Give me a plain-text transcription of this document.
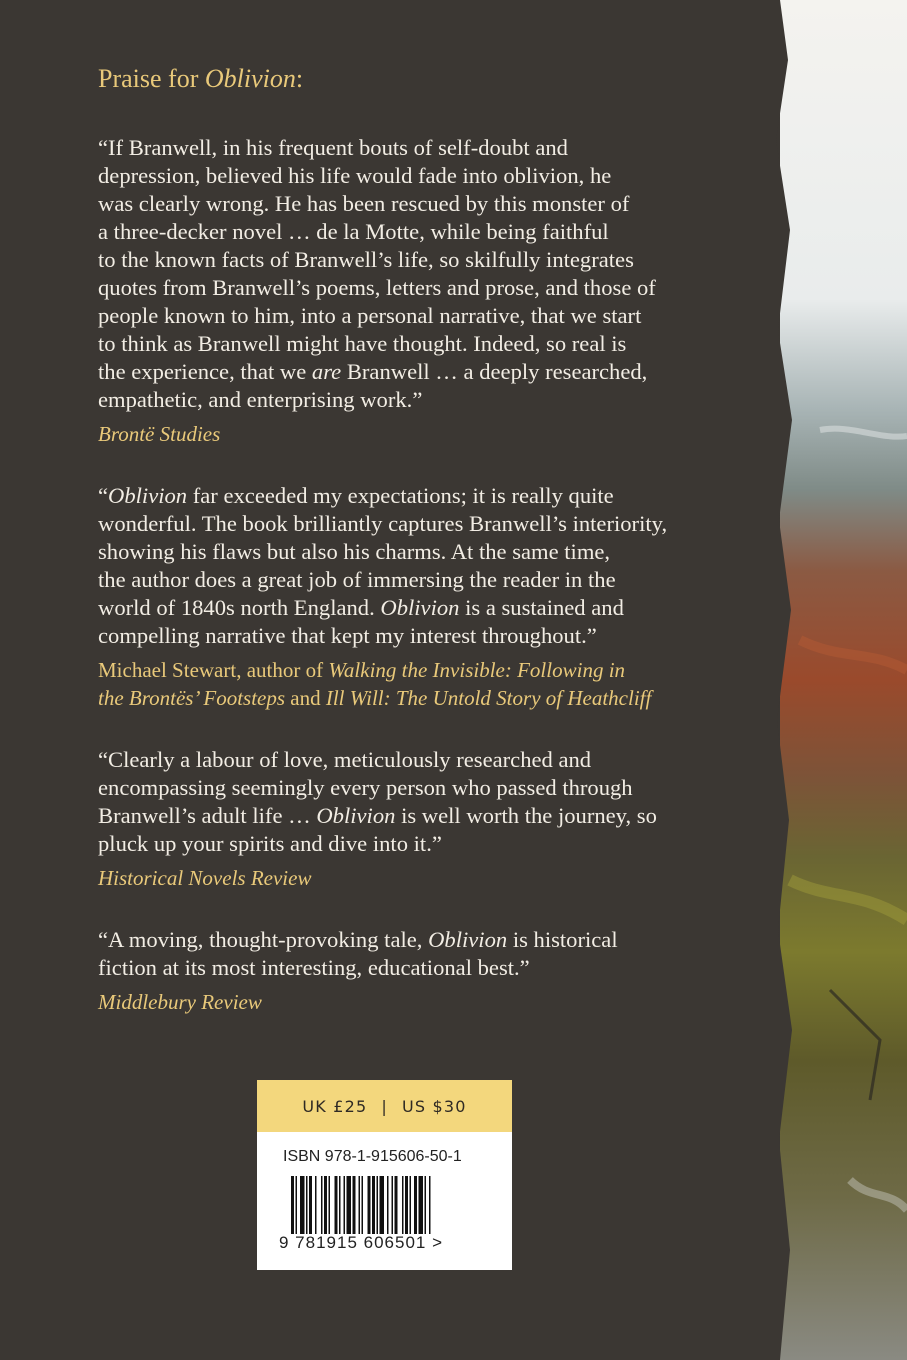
Praise for Oblivion:

“If Branwell, in his frequent bouts of self-doubt and
depression, believed his life would fade into oblivion, he
was clearly wrong. He has been rescued by this monster of
a three-decker novel … de la Motte, while being faithful
to the known facts of Branwell’s life, so skilfully integrates
quotes from Branwell’s poems, letters and prose, and those of
people known to him, into a personal narrative, that we start
to think as Branwell might have thought. Indeed, so real is
the experience, that we are Branwell … a deeply researched,
empathetic, and enterprising work.”

Brontë Studies

“Oblivion far exceeded my expectations; it is really quite
wonderful. The book brilliantly captures Branwell’s interiority,
showing his flaws but also his charms. At the same time,
the author does a great job of immersing the reader in the
world of 1840s north England. Oblivion is a sustained and
compelling narrative that kept my interest throughout.”

Michael Stewart, author of Walking the Invisible: Following in
the Brontës’ Footsteps and Ill Will: The Untold Story of Heathcliff

“Clearly a labour of love, meticulously researched and
encompassing seemingly every person who passed through
Branwell’s adult life … Oblivion is well worth the journey, so
pluck up your spirits and dive into it.”

Historical Novels Review

“A moving, thought-provoking tale, Oblivion is historical
fiction at its most interesting, educational best.”

Middlebury Review
UK £25 | US $30
ISBN 978-1-915606-50-1
9 781915 606501 >
